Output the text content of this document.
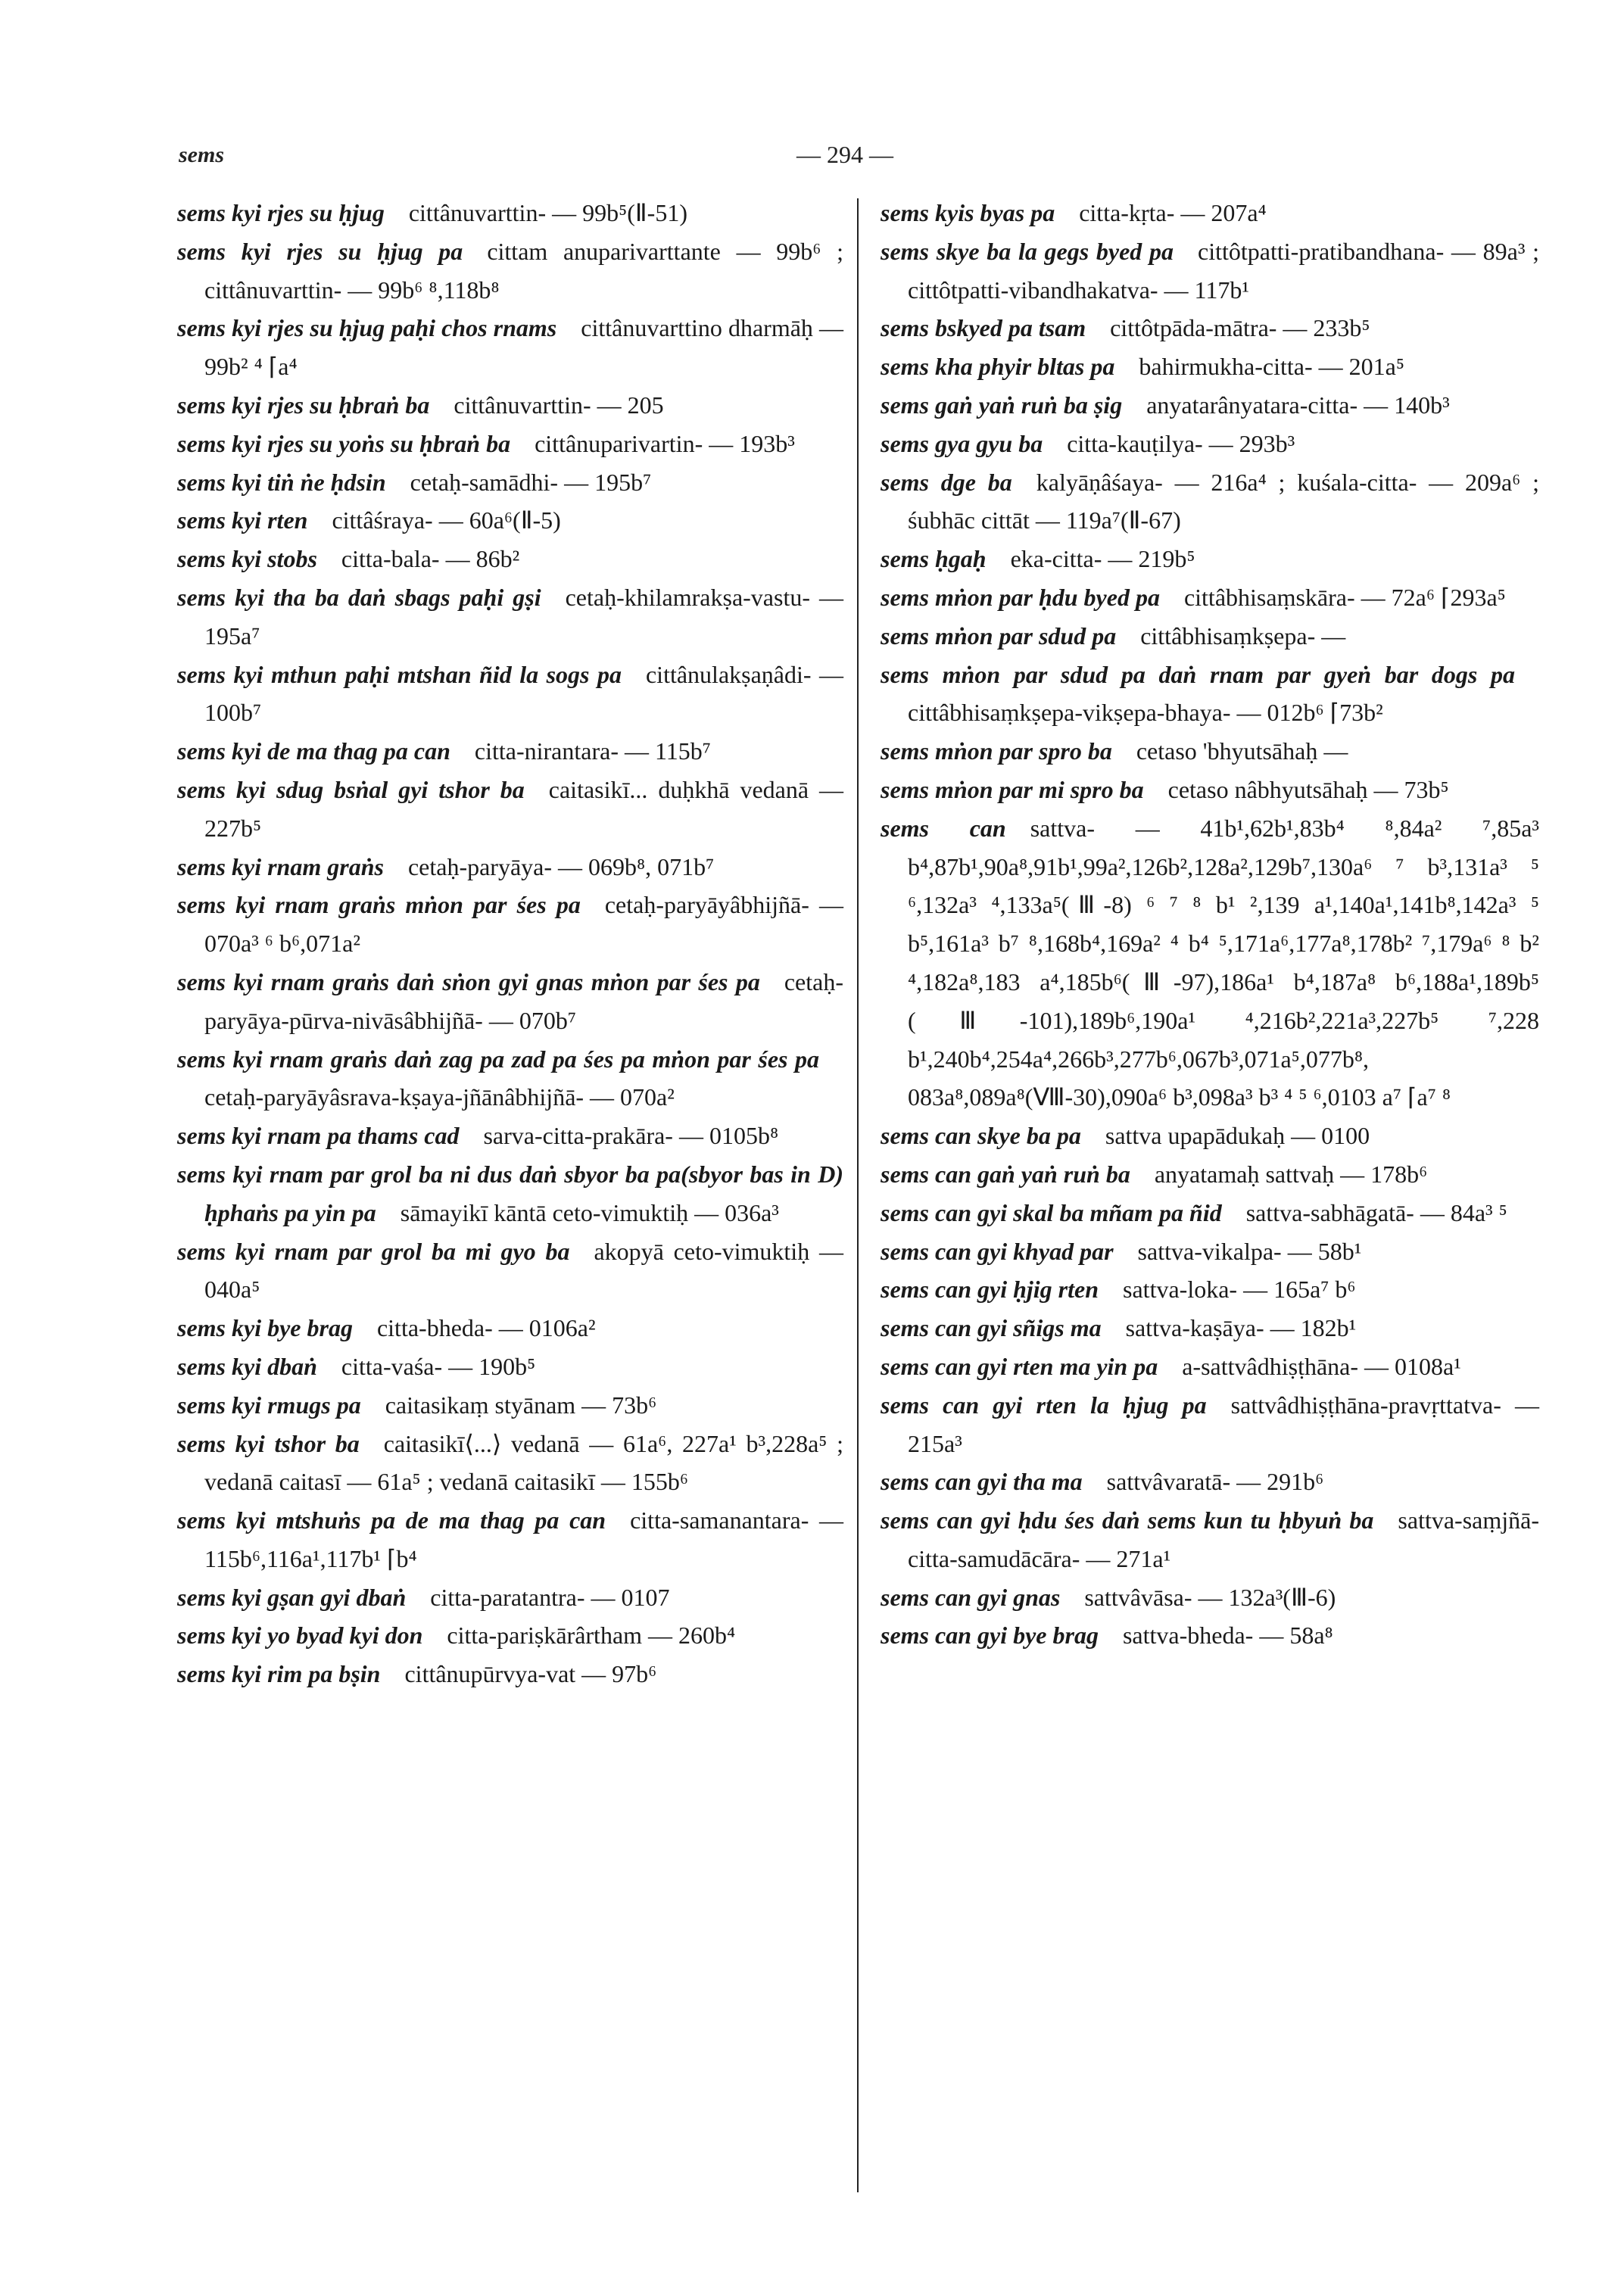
sems	— 294 —
sems kyi rjes su ḥjug  cittânuvarttin- — 99b⁵(Ⅱ-51)
sems kyi rjes su ḥjug pa  cittam anuparivarttante — 99b⁶ ; cittânuvarttin- — 99b⁶ ⁸,118b⁸
sems kyi rjes su ḥjug paḥi chos rnams  cittânuvarttino dharmāḥ — 99b² ⁴ ⌈a⁴
sems kyi rjes su ḥbraṅ ba  cittânuvarttin- — 205
sems kyi rjes su yoṅs su ḥbraṅ ba  cittânuparivartin- — 193b³
sems kyi tiṅ ṅe ḥdsin  cetaḥ-samādhi- — 195b⁷
sems kyi rten  cittâśraya- — 60a⁶(Ⅱ-5)
sems kyi stobs  citta-bala- — 86b²
sems kyi tha ba daṅ sbags paḥi gṣi  cetaḥ-khilamrakṣa-vastu- — 195a⁷
sems kyi mthun paḥi mtshan ñid la sogs pa  cittânulakṣaṇâdi- — 100b⁷
sems kyi de ma thag pa can  citta-nirantara- — 115b⁷
sems kyi sdug bsṅal gyi tshor ba  caitasikī... duḥkhā vedanā — 227b⁵
sems kyi rnam graṅs  cetaḥ-paryāya- — 069b⁸, 071b⁷
sems kyi rnam graṅs mṅon par śes pa  cetaḥ-paryāyâbhijñā- — 070a³ ⁶ b⁶,071a²
sems kyi rnam graṅs daṅ sṅon gyi gnas mṅon par śes pa  cetaḥ-paryāya-pūrva-nivāsâbhijñā- — 070b⁷
sems kyi rnam graṅs daṅ zag pa zad pa śes pa mṅon par śes pa cetaḥ-paryāyâsrava-kṣaya-jñānâbhijñā- — 070a²
sems kyi rnam pa thams cad  sarva-citta-prakāra- — 0105b⁸
sems kyi rnam par grol ba ni dus daṅ sbyor ba pa(sbyor bas in D) ḥphaṅs pa yin pa  sāmayikī kāntā ceto-vimuktiḥ — 036a³
sems kyi rnam par grol ba mi gyo ba  akopyā ceto-vimuktiḥ — 040a⁵
sems kyi bye brag  citta-bheda- — 0106a²
sems kyi dbaṅ  citta-vaśa- — 190b⁵
sems kyi rmugs pa  caitasikaṃ styānam — 73b⁶
sems kyi tshor ba  caitasikī⟨...⟩ vedanā — 61a⁶, 227a¹ b³,228a⁵ ; vedanā caitasī — 61a⁵ ; vedanā caitasikī — 155b⁶
sems kyi mtshuṅs pa de ma thag pa can  citta-samanantara- — 115b⁶,116a¹,117b¹ ⌈b⁴
sems kyi gṣan gyi dbaṅ  citta-paratantra- — 0107
sems kyi yo byad kyi don  citta-pariṣkārârtham — 260b⁴
sems kyi rim pa bṣin  cittânupūrvya-vat — 97b⁶
sems kyis byas pa  citta-kṛta- — 207a⁴
sems skye ba la gegs byed pa  cittôtpatti-pratibandhana- — 89a³ ; cittôtpatti-vibandhakatva- — 117b¹
sems bskyed pa tsam  cittôtpāda-mātra- — 233b⁵
sems kha phyir bltas pa  bahirmukha-citta- — 201a⁵
sems gaṅ yaṅ ruṅ ba ṣig  anyatarânyatara-citta- — 140b³
sems gya gyu ba  citta-kauṭilya- — 293b³
sems dge ba  kalyāṇâśaya- — 216a⁴ ; kuśala-citta- — 209a⁶ ; śubhāc cittāt — 119a⁷(Ⅱ-67)
sems ḥgaḥ  eka-citta- — 219b⁵
sems mṅon par ḥdu byed pa  cittâbhisaṃskāra- — 72a⁶ ⌈293a⁵
sems mṅon par sdud pa  cittâbhisaṃkṣepa- —
sems mṅon par sdud pa daṅ rnam par gyeṅ bar dogs pa cittâbhisaṃkṣepa-vikṣepa-bhaya- — 012b⁶ ⌈73b²
sems mṅon par spro ba  cetaso 'bhyutsāhaḥ —
sems mṅon par mi spro ba  cetaso nâbhyutsāhaḥ — 73b⁵
sems can  sattva- — 41b¹,62b¹,83b⁴ ⁸,84a² ⁷,85a³ b⁴,87b¹,90a⁸,91b¹,99a²,126b²,128a²,129b⁷,130a⁶ ⁷ b³,131a³ ⁵ ⁶,132a³ ⁴,133a⁵(Ⅲ-8) ⁶ ⁷ ⁸ b¹ ²,139 a¹,140a¹,141b⁸,142a³ ⁵ b⁵,161a³ b⁷ ⁸,168b⁴,169a² ⁴ b⁴ ⁵,171a⁶,177a⁸,178b² ⁷,179a⁶ ⁸ b² ⁴,182a⁸,183 a⁴,185b⁶(Ⅲ-97),186a¹ b⁴,187a⁸ b⁶,188a¹,189b⁵ (Ⅲ-101),189b⁶,190a¹ ⁴,216b²,221a³,227b⁵ ⁷,228 b¹,240b⁴,254a⁴,266b³,277b⁶,067b³,071a⁵,077b⁸, 083a⁸,089a⁸(Ⅷ-30),090a⁶ b³,098a³ b³ ⁴ ⁵ ⁶,0103 a⁷ ⌈a⁷ ⁸
sems can skye ba pa  sattva upapādukaḥ — 0100
sems can gaṅ yaṅ ruṅ ba  anyatamaḥ sattvaḥ — 178b⁶
sems can gyi skal ba mñam pa ñid  sattva-sabhāgatā- — 84a³ ⁵
sems can gyi khyad par  sattva-vikalpa- — 58b¹
sems can gyi ḥjig rten  sattva-loka- — 165a⁷ b⁶
sems can gyi sñigs ma  sattva-kaṣāya- — 182b¹
sems can gyi rten ma yin pa  a-sattvâdhiṣṭhāna- — 0108a¹
sems can gyi rten la ḥjug pa  sattvâdhiṣṭhāna-pravṛttatva- — 215a³
sems can gyi tha ma  sattvâvaratā- — 291b⁶
sems can gyi ḥdu śes daṅ sems kun tu ḥbyuṅ ba  sattva-saṃjñā-citta-samudācāra- — 271a¹
sems can gyi gnas  sattvâvāsa- — 132a³(Ⅲ-6)
sems can gyi bye brag  sattva-bheda- — 58a⁸
